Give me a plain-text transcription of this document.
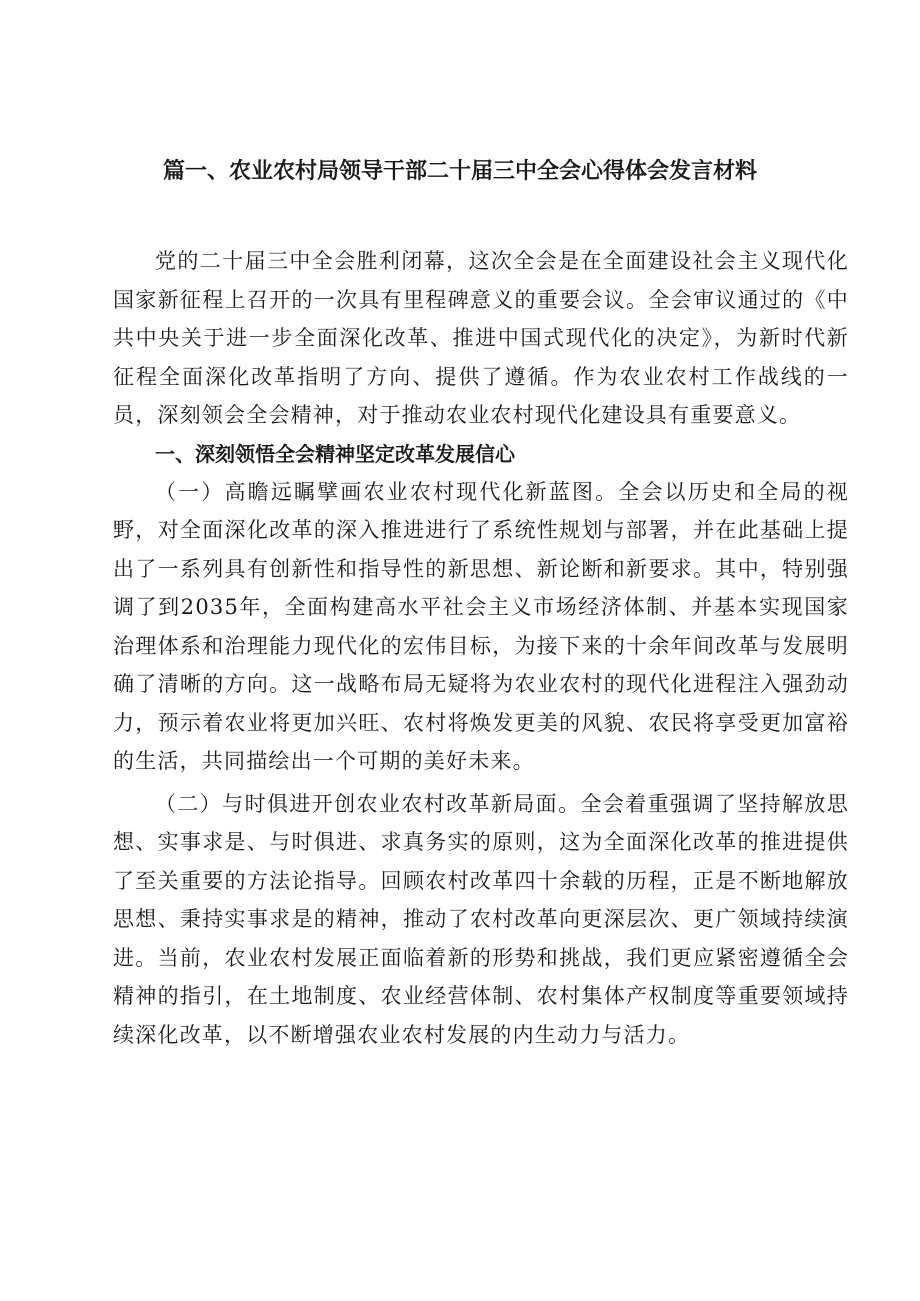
篇一、农业农村局领导干部二十届三中全会心得体会发言材料

党的二十届三中全会胜利闭幕，这次全会是在全面建设社会主义现代化国家新征程上召开的一次具有里程碑意义的重要会议。全会审议通过的《中共中央关于进一步全面深化改革、推进中国式现代化的决定》，为新时代新征程全面深化改革指明了方向、提供了遵循。作为农业农村工作战线的一员，深刻领会全会精神，对于推动农业农村现代化建设具有重要意义。

一、深刻领悟全会精神坚定改革发展信心

（一）高瞻远瞩擘画农业农村现代化新蓝图。全会以历史和全局的视野，对全面深化改革的深入推进进行了系统性规划与部署，并在此基础上提出了一系列具有创新性和指导性的新思想、新论断和新要求。其中，特别强调了到2035年，全面构建高水平社会主义市场经济体制、并基本实现国家治理体系和治理能力现代化的宏伟目标，为接下来的十余年间改革与发展明确了清晰的方向。这一战略布局无疑将为农业农村的现代化进程注入强劲动力，预示着农业将更加兴旺、农村将焕发更美的风貌、农民将享受更加富裕的生活，共同描绘出一个可期的美好未来。

（二）与时俱进开创农业农村改革新局面。全会着重强调了坚持解放思想、实事求是、与时俱进、求真务实的原则，这为全面深化改革的推进提供了至关重要的方法论指导。回顾农村改革四十余载的历程，正是不断地解放思想、秉持实事求是的精神，推动了农村改革向更深层次、更广领域持续演进。当前，农业农村发展正面临着新的形势和挑战，我们更应紧密遵循全会精神的指引，在土地制度、农业经营体制、农村集体产权制度等重要领域持续深化改革，以不断增强农业农村发展的内生动力与活力。
